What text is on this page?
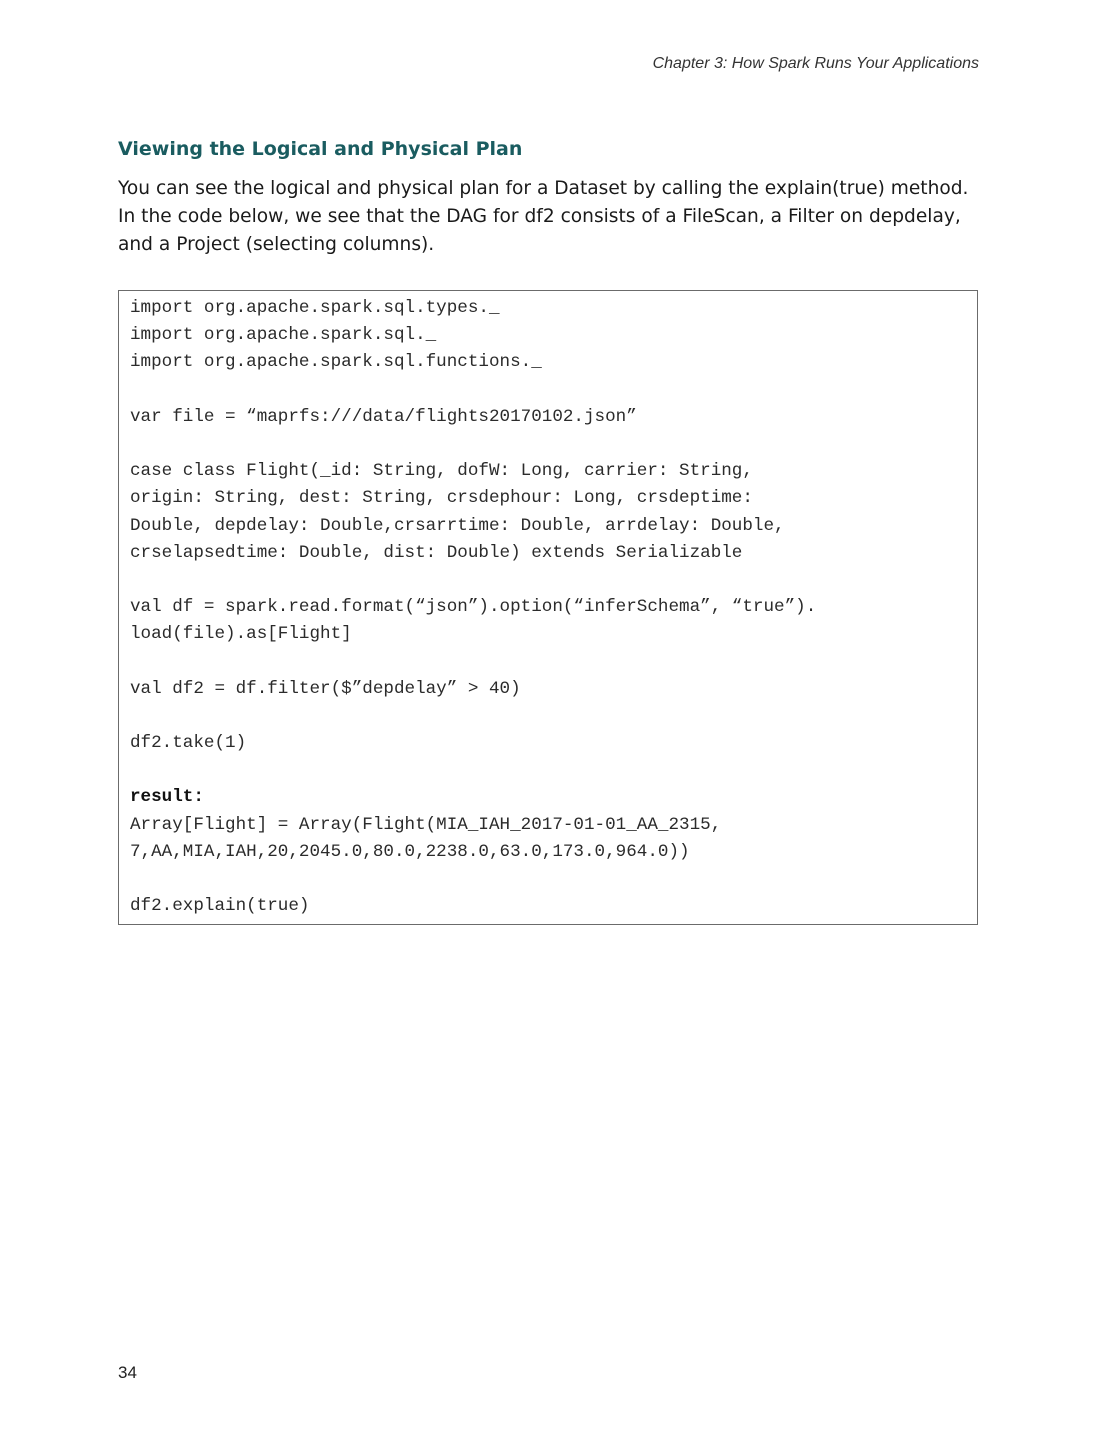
Chapter 3: How Spark Runs Your Applications
Viewing the Logical and Physical Plan

You can see the logical and physical plan for a Dataset by calling the explain(true) method. In the code below, we see that the DAG for df2 consists of a FileScan, a Filter on depdelay, and a Project (selecting columns).

import org.apache.spark.sql.types._
import org.apache.spark.sql._
import org.apache.spark.sql.functions._
var file = “maprfs:///data/flights20170102.json”
case class Flight(_id: String, dofW: Long, carrier: String,
origin: String, dest: String, crsdephour: Long, crsdeptime:
Double, depdelay: Double,crsarrtime: Double, arrdelay: Double,
crselapsedtime: Double, dist: Double) extends Serializable
val df = spark.read.format(“json”).option(“inferSchema”, “true”).
load(file).as[Flight]
val df2 = df.filter($”depdelay” > 40)
df2.take(1)
result:
Array[Flight] = Array(Flight(MIA_IAH_2017-01-01_AA_2315,
7,AA,MIA,IAH,20,2045.0,80.0,2238.0,63.0,173.0,964.0))
df2.explain(true)
34
